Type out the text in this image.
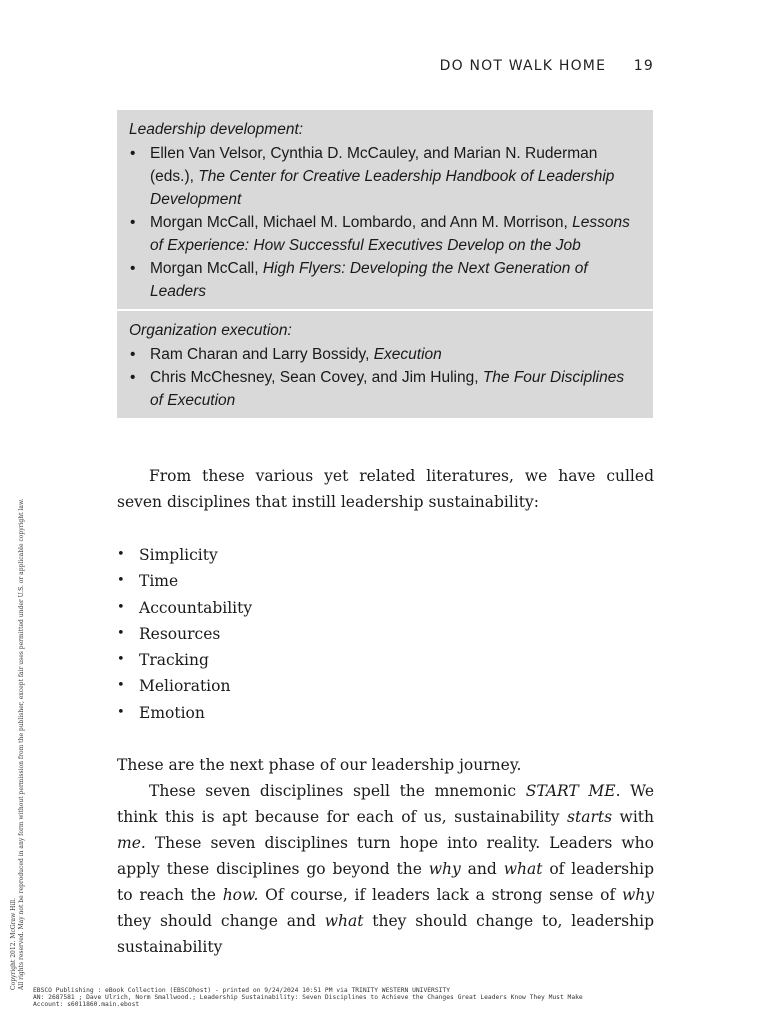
DO NOT WALK HOME 19
Leadership development:
• Ellen Van Velsor, Cynthia D. McCauley, and Marian N. Ruderman (eds.), The Center for Creative Leadership Handbook of Leadership Development
• Morgan McCall, Michael M. Lombardo, and Ann M. Morrison, Lessons of Experience: How Successful Executives Develop on the Job
• Morgan McCall, High Flyers: Developing the Next Generation of Leaders
Organization execution:
• Ram Charan and Larry Bossidy, Execution
• Chris McChesney, Sean Covey, and Jim Huling, The Four Disciplines of Execution

From these various yet related literatures, we have culled seven disciplines that instill leadership sustainability:

• Simplicity
• Time
• Accountability
• Resources
• Tracking
• Melioration
• Emotion

These are the next phase of our leadership journey.

These seven disciplines spell the mnemonic START ME. We think this is apt because for each of us, sustainability starts with me. These seven disciplines turn hope into reality. Leaders who apply these disciplines go beyond the why and what of leadership to reach the how. Of course, if leaders lack a strong sense of why they should change and what they should change to, leadership sustainability

Copyright 2012. McGraw Hill. All rights reserved. May not be reproduced in any form without permission from the publisher, except fair uses permitted under U.S. or applicable copyright law.
EBSCO Publishing : eBook Collection (EBSCOhost) - printed on 9/24/2024 10:51 PM via TRINITY WESTERN UNIVERSITY
AN: 2687581 ; Dave Ulrich, Norm Smallwood.; Leadership Sustainability: Seven Disciplines to Achieve the Changes Great Leaders Know They Must Make
Account: s6011860.main.ebost
